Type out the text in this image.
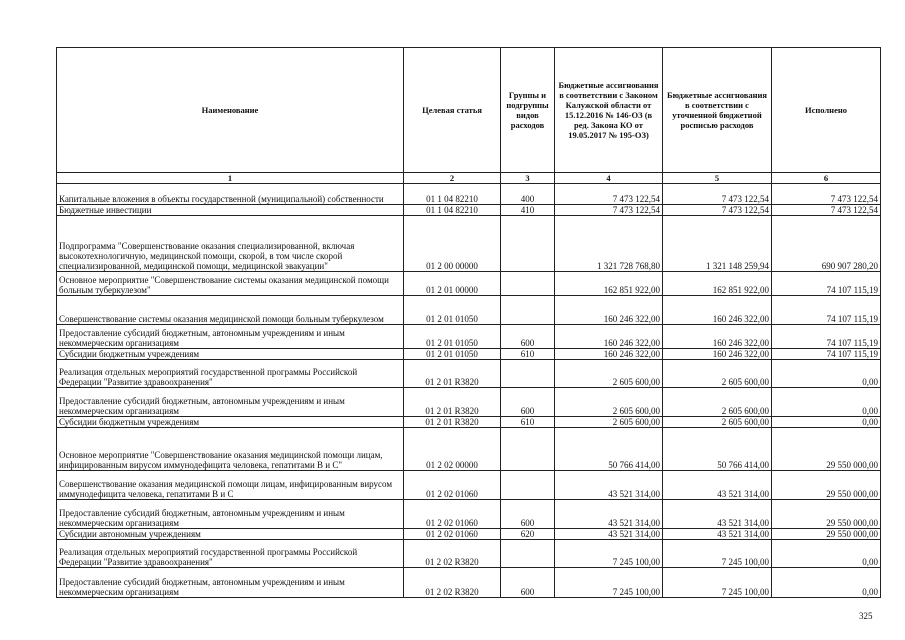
Наименование	Целевая статья	Группы и подгруппы видов расходов	Бюджетные ассигнования в соответствии с Законом Калужской области от 15.12.2016 № 146-ОЗ (в ред. Закона КО от 19.05.2017 № 195-ОЗ)	Бюджетные ассигнования в соответствии с уточненной бюджетной росписью расходов	Исполнено
1	2	3	4	5	6
Капитальные вложения в объекты государственной (муниципальной) собственности	01 1 04 82210	400	7 473 122,54	7 473 122,54	7 473 122,54
Бюджетные инвестиции	01 1 04 82210	410	7 473 122,54	7 473 122,54	7 473 122,54
Подпрограмма "Совершенствование оказания специализированной, включая высокотехнологичную, медицинской помощи, скорой, в том числе скорой специализированной, медицинской помощи, медицинской эвакуации"	01 2 00 00000		1 321 728 768,80	1 321 148 259,94	690 907 280,20
Основное мероприятие "Совершенствование системы оказания медицинской помощи больным туберкулезом"	01 2 01 00000		162 851 922,00	162 851 922,00	74 107 115,19
Совершенствование системы оказания медицинской помощи больным туберкулезом	01 2 01 01050		160 246 322,00	160 246 322,00	74 107 115,19
Предоставление субсидий бюджетным, автономным учреждениям и иным некоммерческим организациям	01 2 01 01050	600	160 246 322,00	160 246 322,00	74 107 115,19
Субсидии бюджетным учреждениям	01 2 01 01050	610	160 246 322,00	160 246 322,00	74 107 115,19
Реализация отдельных мероприятий государственной программы Российской Федерации "Развитие здравоохранения"	01 2 01 R3820		2 605 600,00	2 605 600,00	0,00
Предоставление субсидий бюджетным, автономным учреждениям и иным некоммерческим организациям	01 2 01 R3820	600	2 605 600,00	2 605 600,00	0,00
Субсидии бюджетным учреждениям	01 2 01 R3820	610	2 605 600,00	2 605 600,00	0,00
Основное мероприятие "Совершенствование оказания медицинской помощи лицам, инфицированным вирусом иммунодефицита человека, гепатитами В и С"	01 2 02 00000		50 766 414,00	50 766 414,00	29 550 000,00
Совершенствование оказания медицинской помощи лицам, инфицированным вирусом иммунодефицита человека, гепатитами В и С	01 2 02 01060		43 521 314,00	43 521 314,00	29 550 000,00
Предоставление субсидий бюджетным, автономным учреждениям и иным некоммерческим организациям	01 2 02 01060	600	43 521 314,00	43 521 314,00	29 550 000,00
Субсидии автономным учреждениям	01 2 02 01060	620	43 521 314,00	43 521 314,00	29 550 000,00
Реализация отдельных мероприятий государственной программы Российской Федерации "Развитие здравоохранения"	01 2 02 R3820		7 245 100,00	7 245 100,00	0,00
Предоставление субсидий бюджетным, автономным учреждениям и иным некоммерческим организациям	01 2 02 R3820	600	7 245 100,00	7 245 100,00	0,00
325
